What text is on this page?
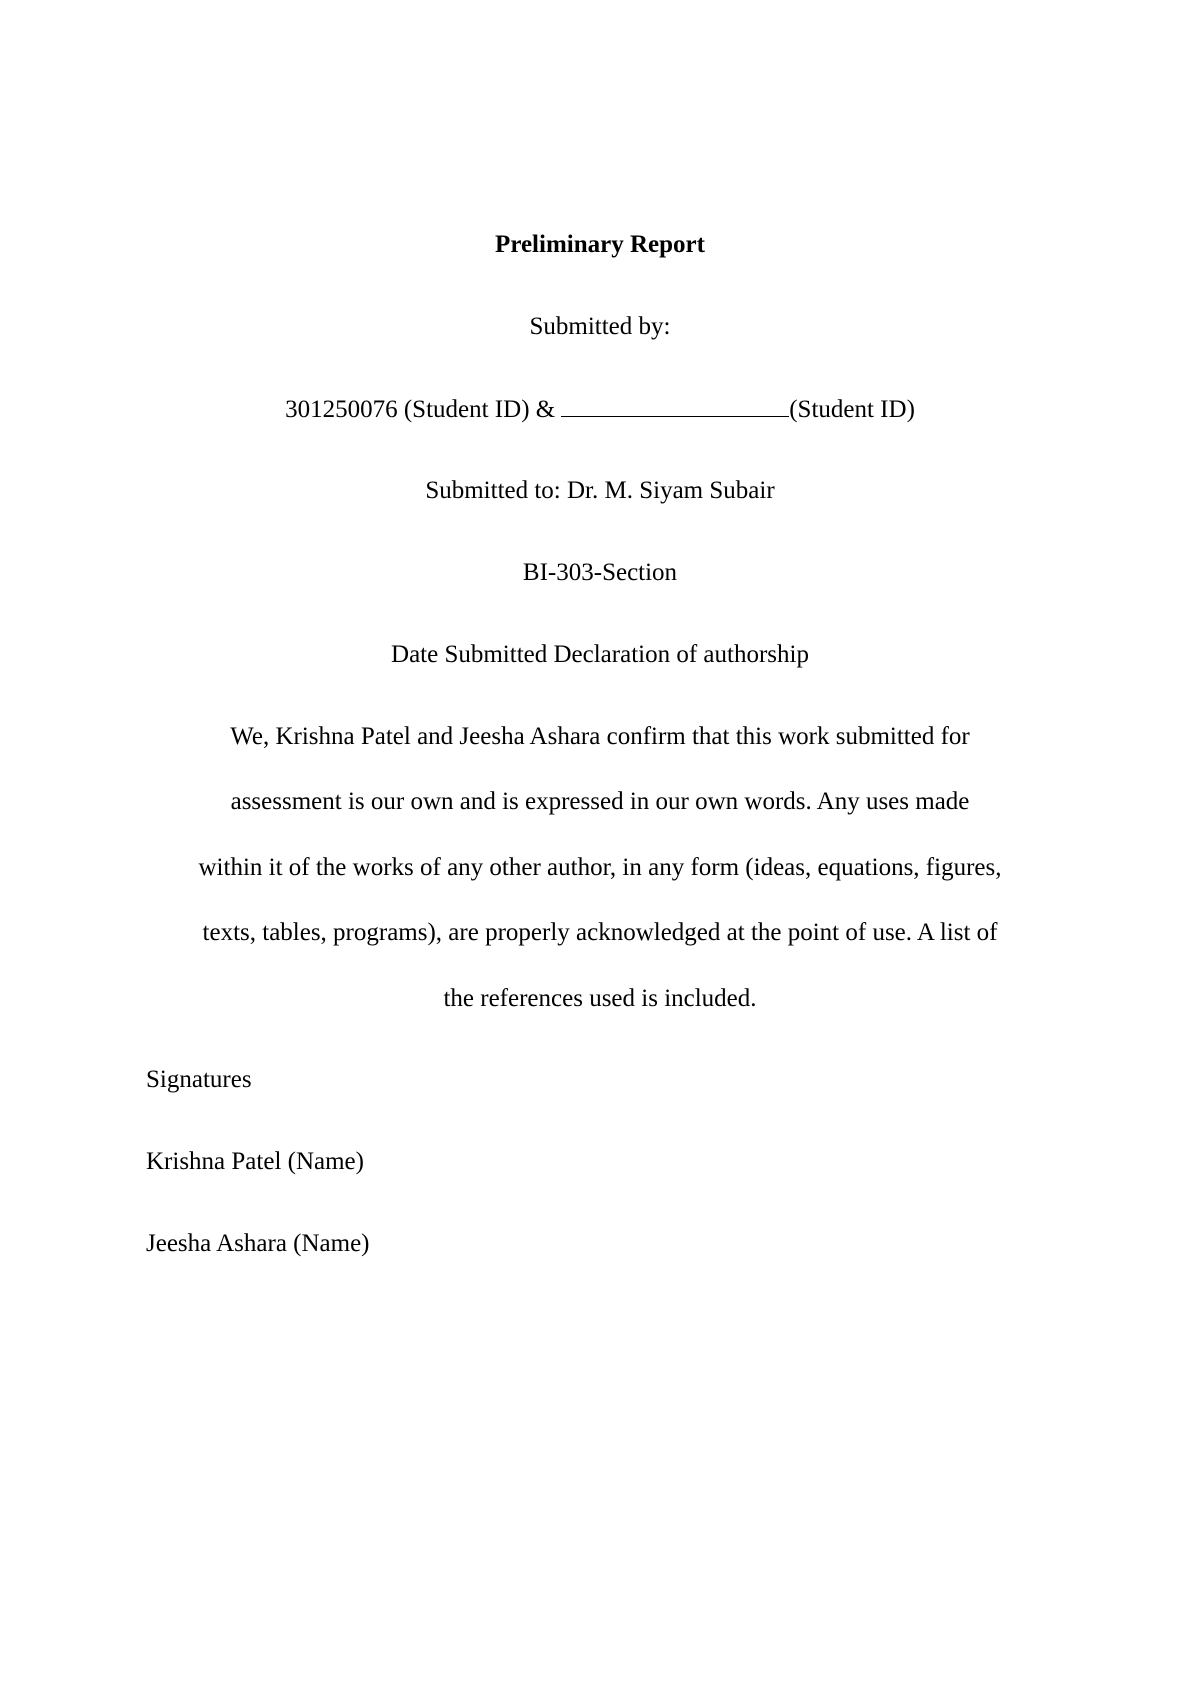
Preliminary Report
Submitted by:
301250076 (Student ID) &	(Student ID)
Submitted to: Dr. M. Siyam Subair
BI-303-Section
Date Submitted Declaration of authorship
We, Krishna Patel and Jeesha Ashara confirm that this work submitted for
assessment is our own and is expressed in our own words. Any uses made
within it of the works of any other author, in any form (ideas, equations, figures,
texts, tables, programs), are properly acknowledged at the point of use. A list of
the references used is included.
Signatures
Krishna Patel (Name)
Jeesha Ashara (Name)
